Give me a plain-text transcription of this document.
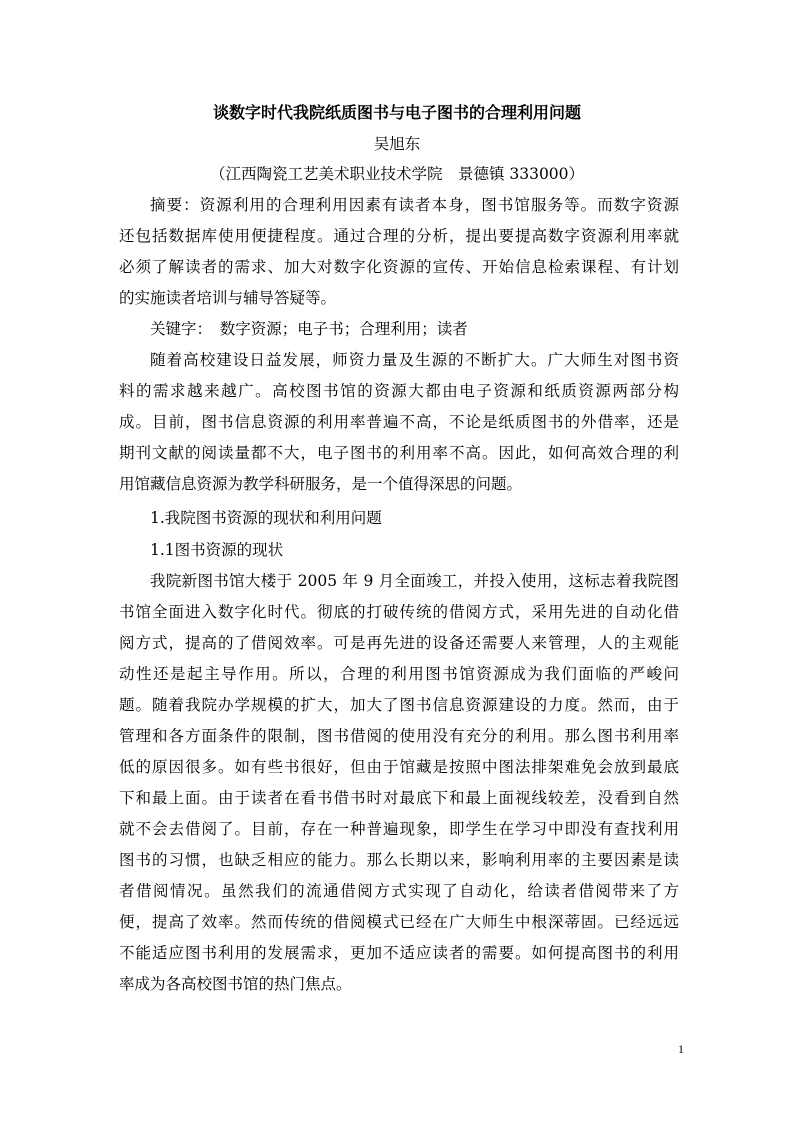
谈数字时代我院纸质图书与电子图书的合理利用问题
吴旭东
（江西陶瓷工艺美术职业技术学院　景德镇 333000）
摘要：资源利用的合理利用因素有读者本身，图书馆服务等。而数字资源
还包括数据库使用便捷程度。通过合理的分析，提出要提高数字资源利用率就
必须了解读者的需求、加大对数字化资源的宣传、开始信息检索课程、有计划
的实施读者培训与辅导答疑等。
关键字：　数字资源；电子书；合理利用；读者
随着高校建设日益发展，师资力量及生源的不断扩大。广大师生对图书资
料的需求越来越广。高校图书馆的资源大都由电子资源和纸质资源两部分构
成。目前，图书信息资源的利用率普遍不高，不论是纸质图书的外借率，还是
期刊文献的阅读量都不大，电子图书的利用率不高。因此，如何高效合理的利
用馆藏信息资源为教学科研服务，是一个值得深思的问题。
1.我院图书资源的现状和利用问题
1.1图书资源的现状
我院新图书馆大楼于 2005 年 9 月全面竣工，并投入使用，这标志着我院图
书馆全面进入数字化时代。彻底的打破传统的借阅方式，采用先进的自动化借
阅方式，提高的了借阅效率。可是再先进的设备还需要人来管理，人的主观能
动性还是起主导作用。所以，合理的利用图书馆资源成为我们面临的严峻问
题。随着我院办学规模的扩大，加大了图书信息资源建设的力度。然而，由于
管理和各方面条件的限制，图书借阅的使用没有充分的利用。那么图书利用率
低的原因很多。如有些书很好，但由于馆藏是按照中图法排架难免会放到最底
下和最上面。由于读者在看书借书时对最底下和最上面视线较差，没看到自然
就不会去借阅了。目前，存在一种普遍现象，即学生在学习中即没有查找利用
图书的习惯，也缺乏相应的能力。那么长期以来，影响利用率的主要因素是读
者借阅情况。虽然我们的流通借阅方式实现了自动化，给读者借阅带来了方
便，提高了效率。然而传统的借阅模式已经在广大师生中根深蒂固。已经远远
不能适应图书利用的发展需求，更加不适应读者的需要。如何提高图书的利用
率成为各高校图书馆的热门焦点。
1
